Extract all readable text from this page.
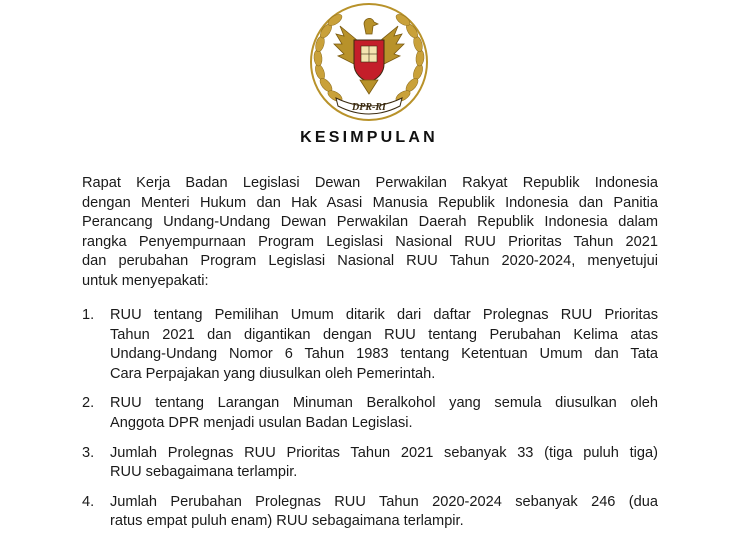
DPR-RI
KESIMPULAN
Rapat Kerja Badan Legislasi Dewan Perwakilan Rakyat Republik Indonesia
dengan Menteri Hukum dan Hak Asasi Manusia Republik Indonesia dan Panitia
Perancang Undang-Undang Dewan Perwakilan Daerah Republik Indonesia dalam
rangka Penyempurnaan Program Legislasi Nasional RUU Prioritas Tahun 2021
dan perubahan Program Legislasi Nasional RUU Tahun 2020-2024, menyetujui
untuk menyepakati:
1. RUU tentang Pemilihan Umum ditarik dari daftar Prolegnas RUU Prioritas
Tahun 2021 dan digantikan dengan RUU tentang Perubahan Kelima atas
Undang-Undang Nomor 6 Tahun 1983 tentang Ketentuan Umum dan Tata
Cara Perpajakan yang diusulkan oleh Pemerintah.
2. RUU tentang Larangan Minuman Beralkohol yang semula diusulkan oleh
Anggota DPR menjadi usulan Badan Legislasi.
3. Jumlah Prolegnas RUU Prioritas Tahun 2021 sebanyak 33 (tiga puluh tiga)
RUU sebagaimana terlampir.
4. Jumlah Perubahan Prolegnas RUU Tahun 2020-2024 sebanyak 246 (dua
ratus empat puluh enam) RUU sebagaimana terlampir.
